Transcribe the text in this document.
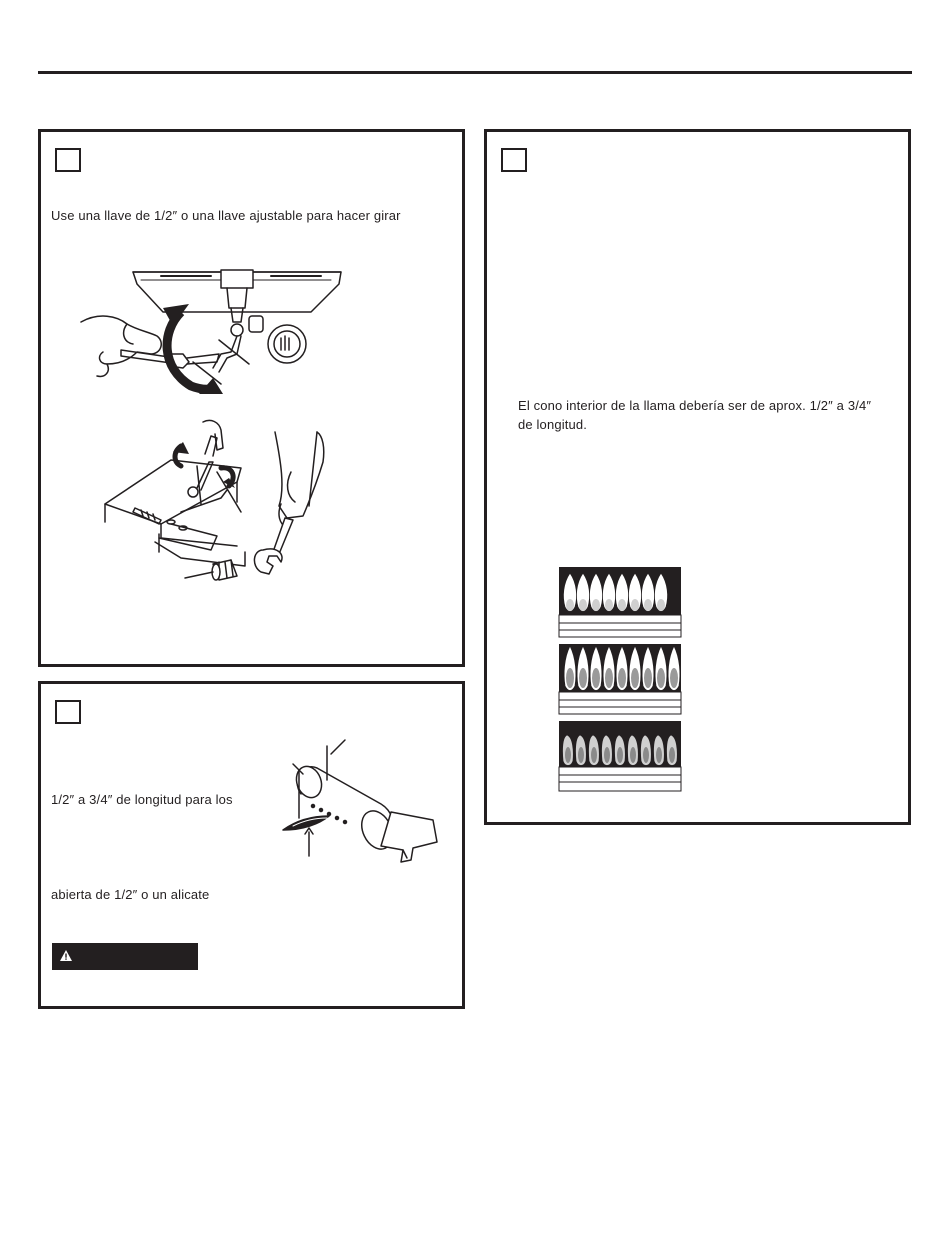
Use una llave de 1/2″ o una llave ajustable para hacer girar
1/2″ a 3/4″ de longitud para los
abierta de 1/2″ o un alicate
El cono interior de la llama debería ser de aprox. 1/2″ a 3/4″ de longitud.
